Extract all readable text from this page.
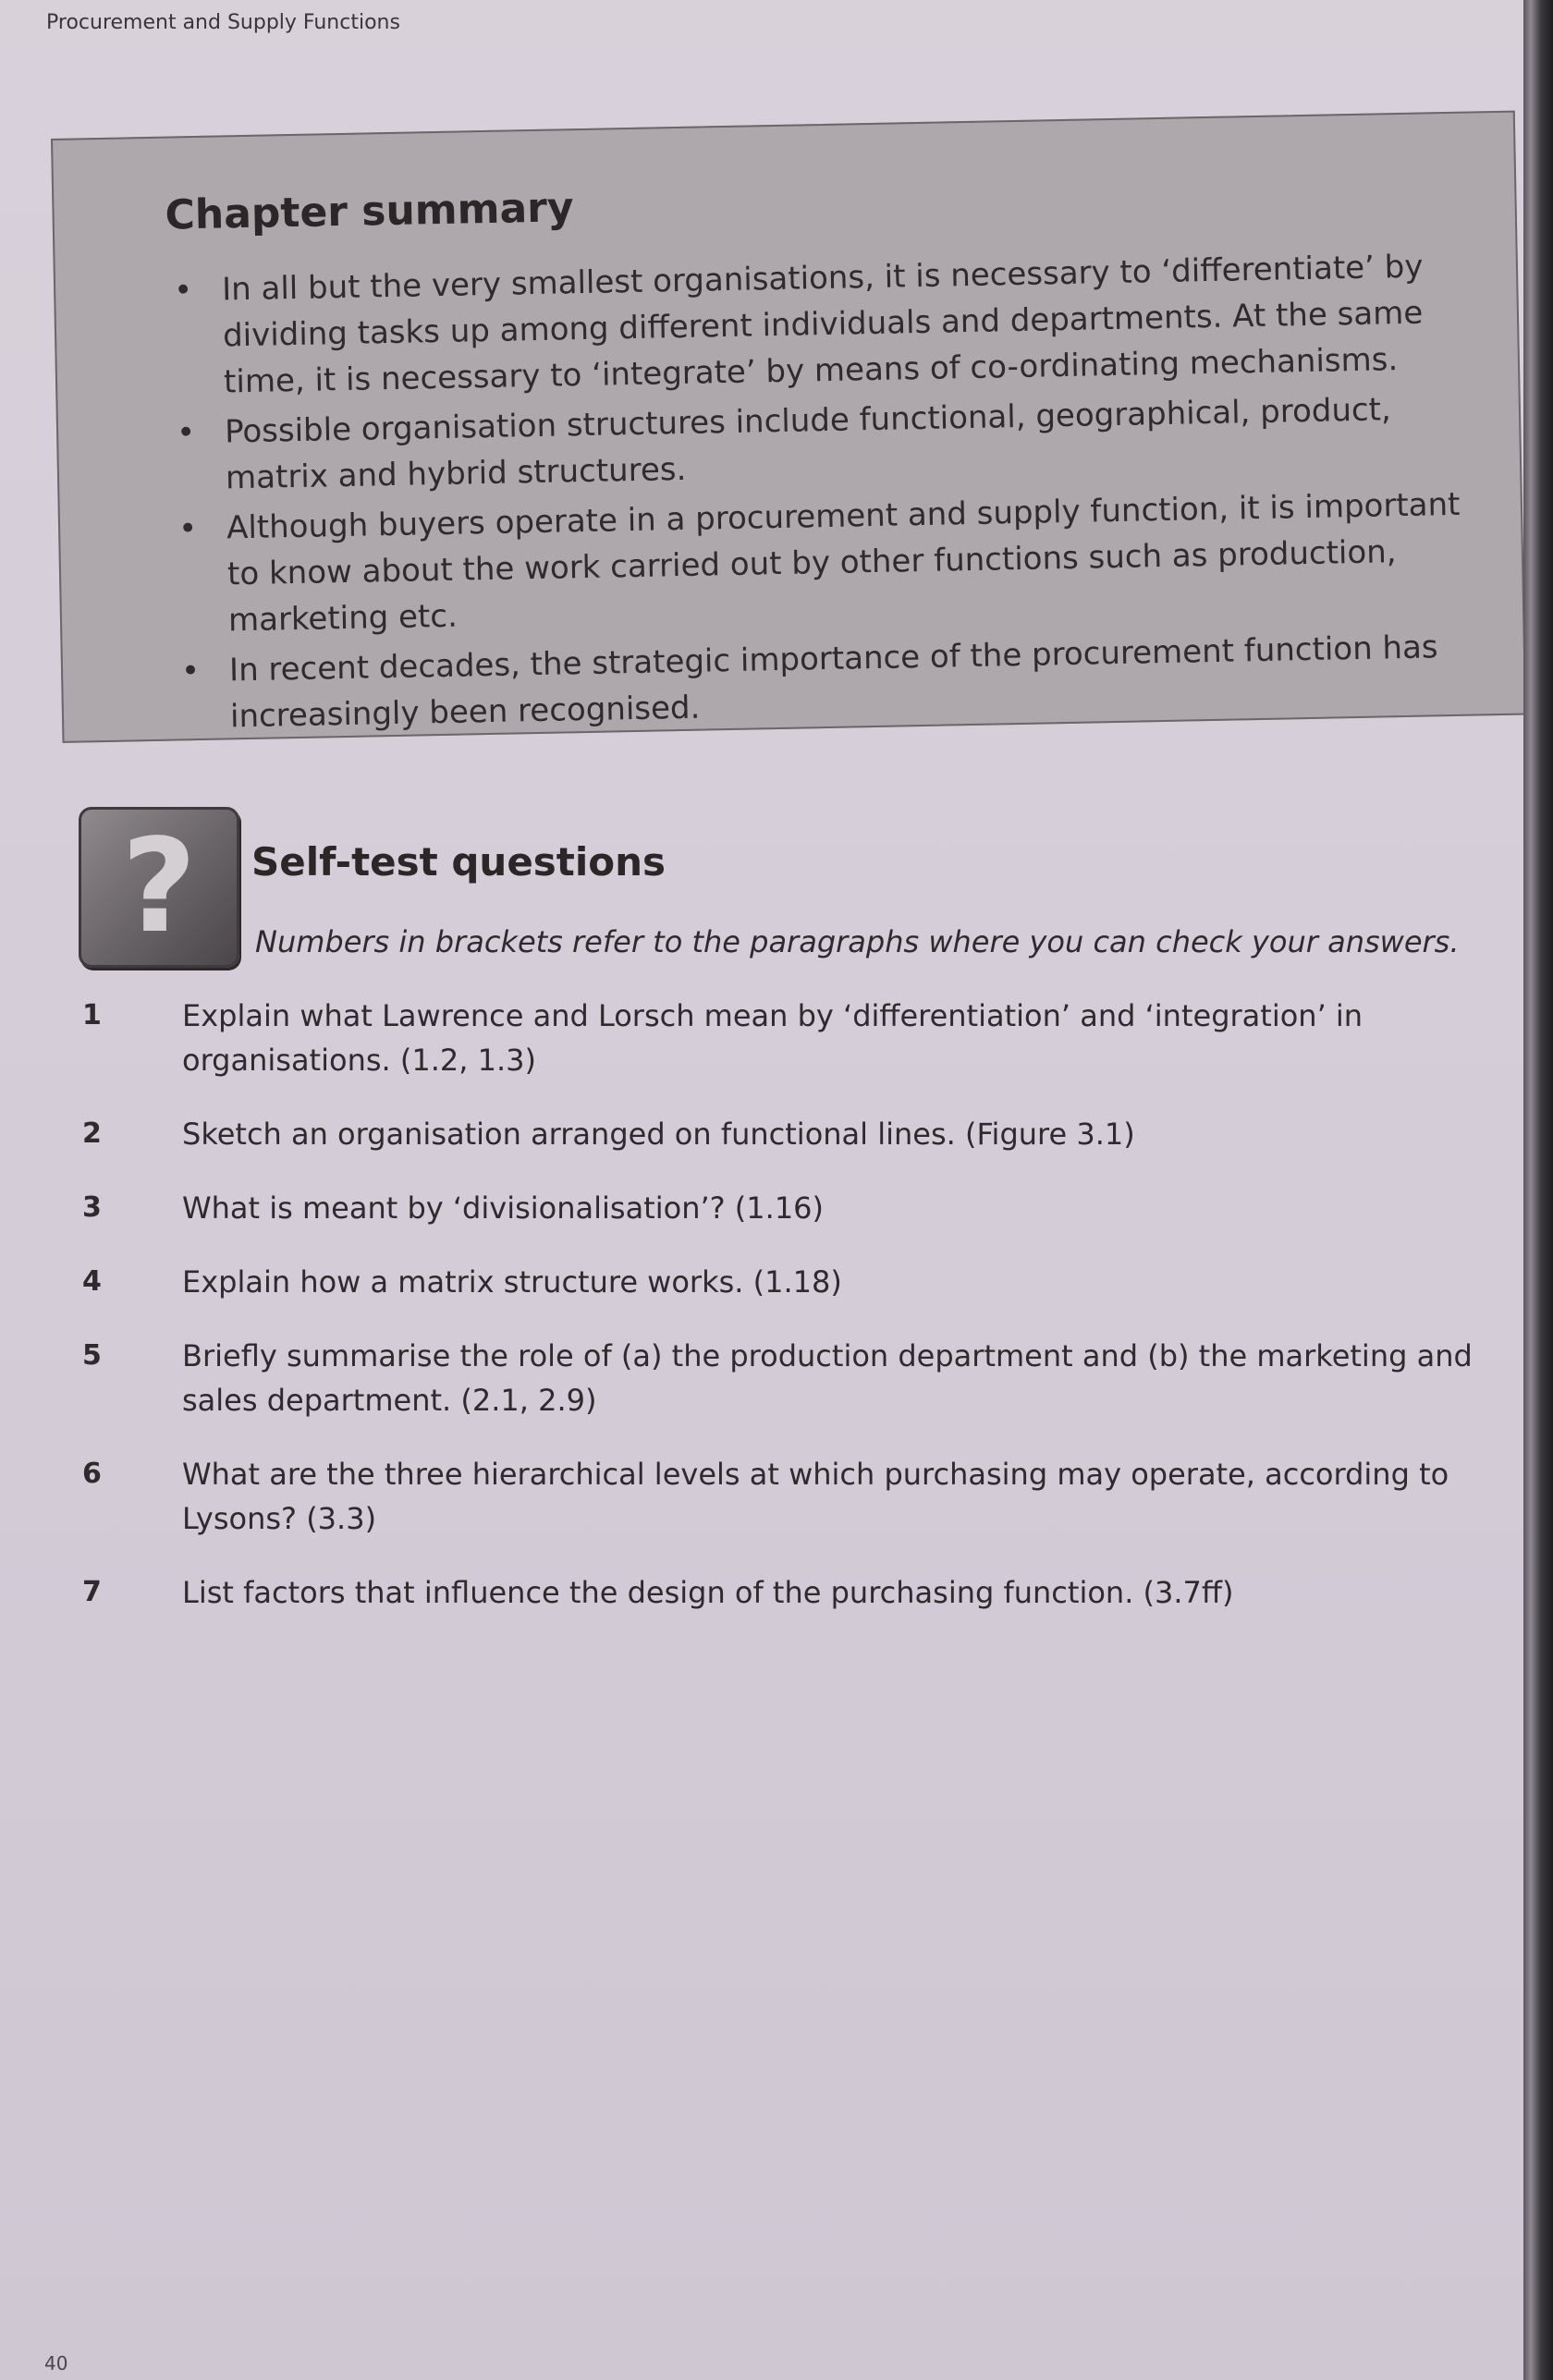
Procurement and Supply Functions
Chapter summary
• In all but the very smallest organisations, it is necessary to ‘differentiate’ by dividing tasks up among different individuals and departments. At the same time, it is necessary to ‘integrate’ by means of co-ordinating mechanisms.
• Possible organisation structures include functional, geographical, product, matrix and hybrid structures.
• Although buyers operate in a procurement and supply function, it is important to know about the work carried out by other functions such as production, marketing etc.
• In recent decades, the strategic importance of the procurement function has increasingly been recognised.
?	Self-test questions
Numbers in brackets refer to the paragraphs where you can check your answers.
1	Explain what Lawrence and Lorsch mean by ‘differentiation’ and ‘integration’ in organisations. (1.2, 1.3)
2	Sketch an organisation arranged on functional lines. (Figure 3.1)
3	What is meant by ‘divisionalisation’? (1.16)
4	Explain how a matrix structure works. (1.18)
5	Briefly summarise the role of (a) the production department and (b) the marketing and sales department. (2.1, 2.9)
6	What are the three hierarchical levels at which purchasing may operate, according to Lysons? (3.3)
7	List factors that influence the design of the purchasing function. (3.7ff)
40
